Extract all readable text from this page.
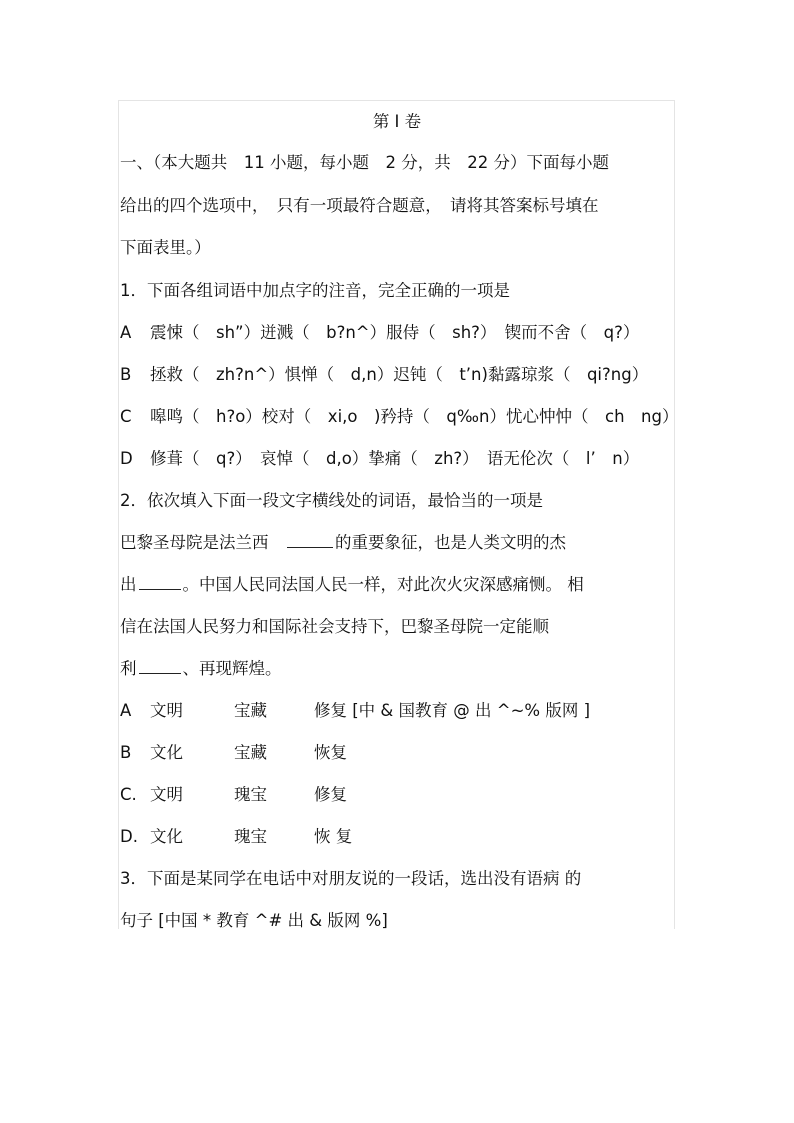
第 I 卷
一、（本大题共　11 小题，每小题　2 分，共　22 分）下面每小题
给出的四个选项中，　只有一项最符合题意，　请将其答案标号填在
下面表里。）
1．下面各组词语中加点字的注音，完全正确的一项是
A 震悚（　sh”）迸溅（　b?n^）服侍（　sh?）　锲而不舍（　q?）
B 拯救（　zh?n^）惧惮（　d,n）迟钝（　t’n)黏露琼浆（　qi?ng）
C 嗥鸣（　h?o）校对（　xi,o　)矜持（　q‰n）忧心忡忡（　ch　ng）
D 修葺（　q?）　哀悼（　d,o）挚痛（　zh?）　语无伦次（　l’　n）
2．依次填入下面一段文字横线处的词语，最恰当的一项是
巴黎圣母院是法兰西　	的重要象征，也是人类文明的杰
出	。中国人民同法国人民一样，对此次火灾深感痛恻。 相
信在法国人民努力和国际社会支持下，巴黎圣母院一定能顺
利	、再现辉煌。
A 文明	宝藏	修复 [中 & 国教育 @ 出 ^~% 版网 ]
B 文化	宝藏	恢复
C. 文明	瑰宝	修复
D. 文化	瑰宝	恢 复
3．下面是某同学在电话中对朋友说的一段话，选出没有语病 的
句子 [中国 * 教育 ^# 出 & 版网 %]
